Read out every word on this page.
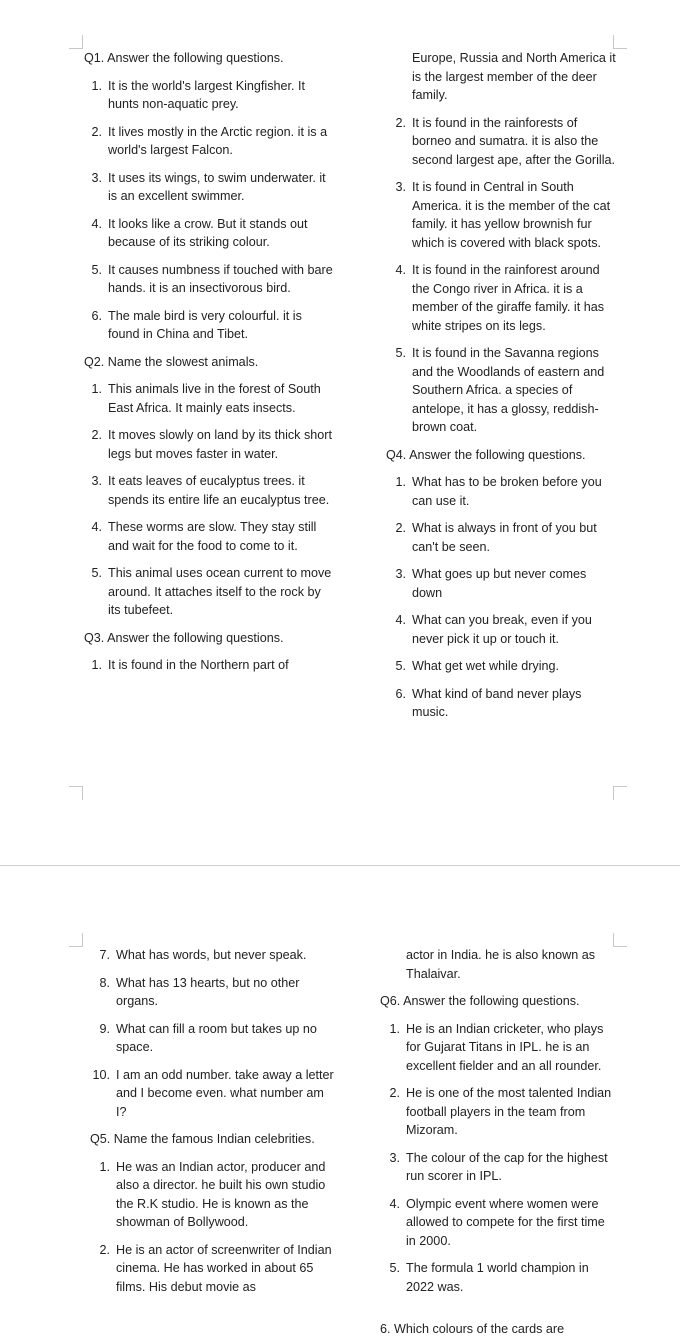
Q1. Answer the following questions.
1. It is the world's largest Kingfisher. It hunts non-aquatic prey.
2. It lives mostly in the Arctic region. it is a world's largest Falcon.
3. It uses its wings, to swim underwater. it is an excellent swimmer.
4. It looks like a crow. But it stands out because of its striking colour.
5. It causes numbness if touched with bare hands. it is an insectivorous bird.
6. The male bird is very colourful. it is found in China and Tibet.
Q2. Name the slowest animals.
1. This animals live in the forest of South East Africa. It mainly eats insects.
2. It moves slowly on land by its thick short legs but moves faster in water.
3. It eats leaves of eucalyptus trees. it spends its entire life an eucalyptus tree.
4. These worms are slow. They stay still and wait for the food to come to it.
5. This animal uses ocean current to move around. It attaches itself to the rock by its tubefeet.
Q3. Answer the following questions.
1. It is found in the Northern part of
Europe, Russia and North America it is the largest member of the deer family.
2. It is found in the rainforests of borneo and sumatra. it is also the second largest ape, after the Gorilla.
3. It is found in Central in South America. it is the member of the cat family. it has yellow brownish fur which is covered with black spots.
4. It is found in the rainforest around the Congo river in Africa. it is a member of the giraffe family. it has white stripes on its legs.
5. It is found in the Savanna regions and the Woodlands of eastern and Southern Africa. a species of antelope, it has a glossy, reddish-brown coat.
Q4. Answer the following questions.
1. What has to be broken before you can use it.
2. What is always in front of you but can't be seen.
3. What goes up but never comes down
4. What can you break, even if you never pick it up or touch it.
5. What get wet while drying.
6. What kind of band never plays music.
7. What has words, but never speak.
8. What has 13 hearts, but no other organs.
9. What can fill a room but takes up no space.
10. I am an odd number. take away a letter and I become even. what number am I?
Q5. Name the famous Indian celebrities.
1. He was an Indian actor, producer and also a director. he built his own studio the R.K studio. He is known as the showman of Bollywood.
2. He is an actor of screenwriter of Indian cinema. He has worked in about 65 films. His debut movie as
actor in India. he is also known as Thalaivar.
Q6. Answer the following questions.
1. He is an Indian cricketer, who plays for Gujarat Titans in IPL. he is an excellent fielder and an all rounder.
2. He is one of the most talented Indian football players in the team from Mizoram.
3. The colour of the cap for the highest run scorer in IPL.
4. Olympic event where women were allowed to compete for the first time in 2000.
5. The formula 1 world champion in 2022 was.
6. Which colours of the cards are
